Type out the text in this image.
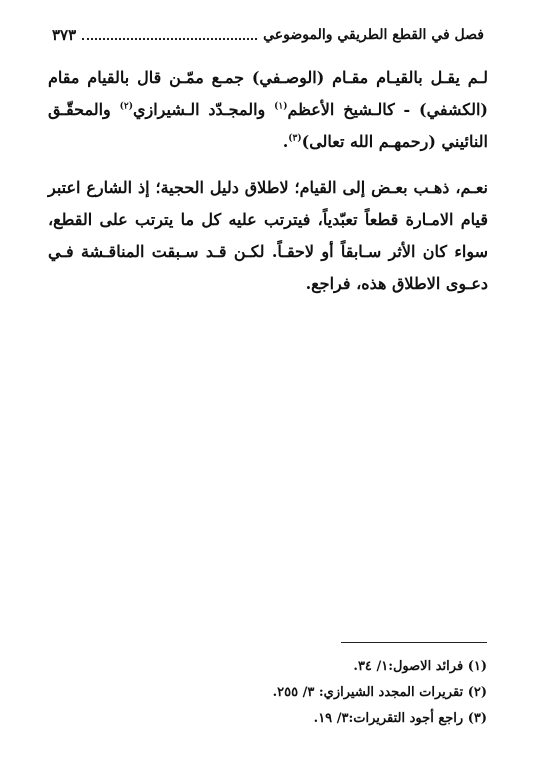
فصل في القطع الطريقي والموضوعي
٣٧٣

لـم يقـل بالقيـام مقـام (الوصـفي) جمـع ممّـن قال بالقيام مقام (الكشفي) - كالـشيخ الأعظم$^{(١)}$ والمجـدّد الـشيرازي$^{(٢)}$ والمحقّـق النائيني (رحمهـم الله تعالى)$^{(٣)}$.

نعـم، ذهـب بعـض إلى القيام؛ لاطلاق دليل الحجية؛ إذ الشارع اعتبر قيام الامـارة قطعاً تعبّدياً، فيترتب عليه كل ما يترتب على القطع، سواء كان الأثر سـابقاً أو لاحقـاً. لكـن قـد سـبقت المناقـشة فـي دعـوى الاطلاق هذه، فراجع.

(١) فرائد الاصول:١/ ٣٤.
(٢) تقريرات المجدد الشيرازي: ٣/ ٢٥٥.
(٣) راجع أجود التقريرات:٣/ ١٩.
